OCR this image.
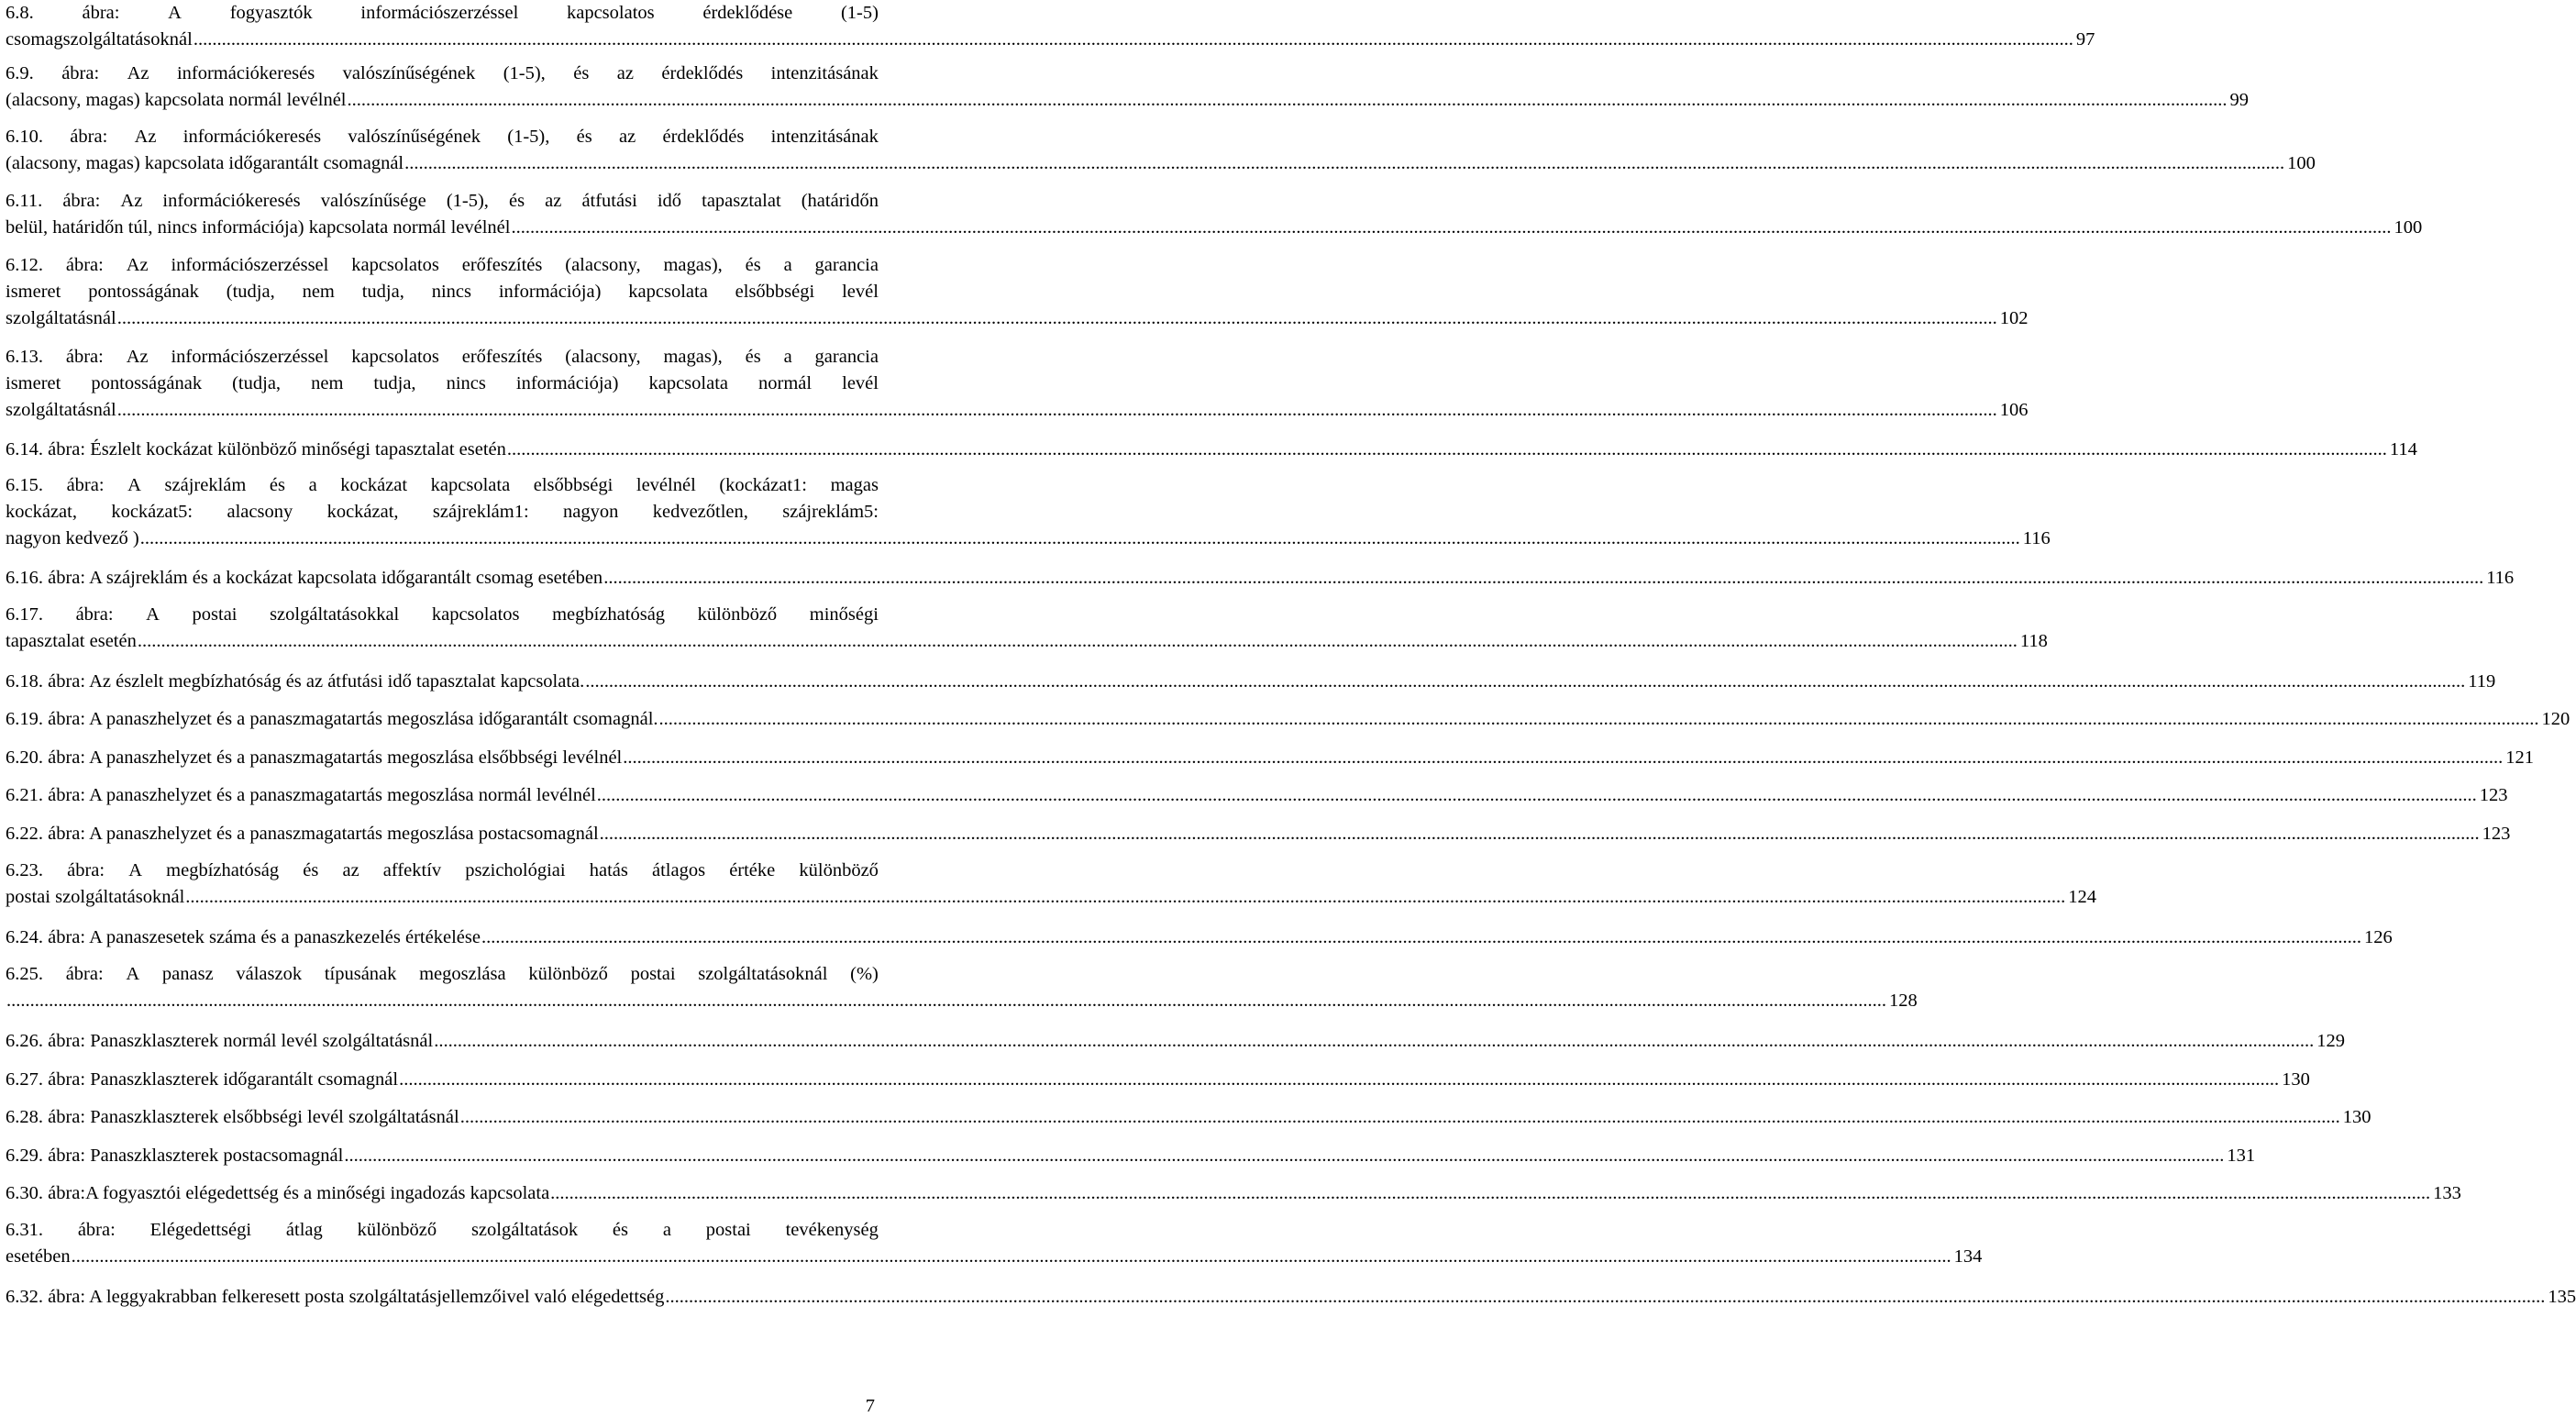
6.8.	ábra:	A	fogyasztók	információszerzéssel	kapcsolatos	érdeklődése	(1-5)
csomagszolgáltatásoknál ................................................................................................................................................................................................................................................................................................................................................................................................................ 97
6.9. ábra: Az információkeresés valószínűségének (1-5), és az érdeklődés intenzitásának
(alacsony, magas) kapcsolata normál levélnél ................................................................................................................................................................................................................................................................................................................................................................................................................ 99
6.10. ábra: Az információkeresés valószínűségének (1-5), és az érdeklődés intenzitásának
(alacsony, magas) kapcsolata időgarantált csomagnál ................................................................................................................................................................................................................................................................................................................................................................................................................ 100
6.11. ábra: Az információkeresés valószínűsége (1-5), és az átfutási idő tapasztalat (határidőn
belül, határidőn túl, nincs információja) kapcsolata normál levélnél ................................................................................................................................................................................................................................................................................................................................................................................................................ 100
6.12. ábra: Az információszerzéssel kapcsolatos erőfeszítés (alacsony, magas), és a garancia
ismeret pontosságának (tudja, nem tudja, nincs információja) kapcsolata elsőbbségi levél
szolgáltatásnál ................................................................................................................................................................................................................................................................................................................................................................................................................ 102
6.13. ábra: Az információszerzéssel kapcsolatos erőfeszítés (alacsony, magas), és a garancia
ismeret pontosságának (tudja, nem tudja, nincs információja) kapcsolata normál levél
szolgáltatásnál ................................................................................................................................................................................................................................................................................................................................................................................................................ 106
6.14. ábra: Észlelt kockázat különböző minőségi tapasztalat esetén ................................................................................................................................................................................................................................................................................................................................................................................................................ 114
6.15. ábra: A szájreklám és a kockázat kapcsolata elsőbbségi levélnél (kockázat1: magas
kockázat, kockázat5: alacsony kockázat, szájreklám1: nagyon kedvezőtlen, szájreklám5:
nagyon kedvező ) ................................................................................................................................................................................................................................................................................................................................................................................................................ 116
6.16. ábra: A szájreklám és a kockázat kapcsolata időgarantált csomag esetében ................................................................................................................................................................................................................................................................................................................................................................................................................ 116
6.17. ábra: A postai szolgáltatásokkal kapcsolatos megbízhatóság különböző minőségi
tapasztalat esetén ................................................................................................................................................................................................................................................................................................................................................................................................................ 118
6.18. ábra: Az észlelt megbízhatóság és az átfutási idő tapasztalat kapcsolata. ................................................................................................................................................................................................................................................................................................................................................................................................................ 119
6.19. ábra: A panaszhelyzet és a panaszmagatartás megoszlása időgarantált csomagnál. ................................................................................................................................................................................................................................................................................................................................................................................................................ 120
6.20. ábra: A panaszhelyzet és a panaszmagatartás megoszlása elsőbbségi levélnél ................................................................................................................................................................................................................................................................................................................................................................................................................ 121
6.21. ábra: A panaszhelyzet és a panaszmagatartás megoszlása normál levélnél ................................................................................................................................................................................................................................................................................................................................................................................................................ 123
6.22. ábra: A panaszhelyzet és a panaszmagatartás megoszlása postacsomagnál ................................................................................................................................................................................................................................................................................................................................................................................................................ 123
6.23. ábra: A megbízhatóság és az affektív pszichológiai hatás átlagos értéke különböző
postai szolgáltatásoknál ................................................................................................................................................................................................................................................................................................................................................................................................................ 124
6.24. ábra: A panaszesetek száma és a panaszkezelés értékelése ................................................................................................................................................................................................................................................................................................................................................................................................................ 126
6.25. ábra: A panasz válaszok típusának megoszlása különböző postai szolgáltatásoknál (%)
................................................................................................................................................................................................................................................................................................................................................................................................................ 128
6.26. ábra: Panaszklaszterek normál levél szolgáltatásnál ................................................................................................................................................................................................................................................................................................................................................................................................................ 129
6.27. ábra: Panaszklaszterek időgarantált csomagnál ................................................................................................................................................................................................................................................................................................................................................................................................................ 130
6.28. ábra: Panaszklaszterek elsőbbségi levél szolgáltatásnál ................................................................................................................................................................................................................................................................................................................................................................................................................ 130
6.29. ábra: Panaszklaszterek postacsomagnál ................................................................................................................................................................................................................................................................................................................................................................................................................ 131
6.30. ábra:A fogyasztói elégedettség és a minőségi ingadozás kapcsolata ................................................................................................................................................................................................................................................................................................................................................................................................................ 133
6.31. ábra: Elégedettségi átlag különböző szolgáltatások és a postai tevékenység
esetében ................................................................................................................................................................................................................................................................................................................................................................................................................ 134
6.32. ábra: A leggyakrabban felkeresett posta szolgáltatásjellemzőivel való elégedettség ................................................................................................................................................................................................................................................................................................................................................................................................................ 135
7
